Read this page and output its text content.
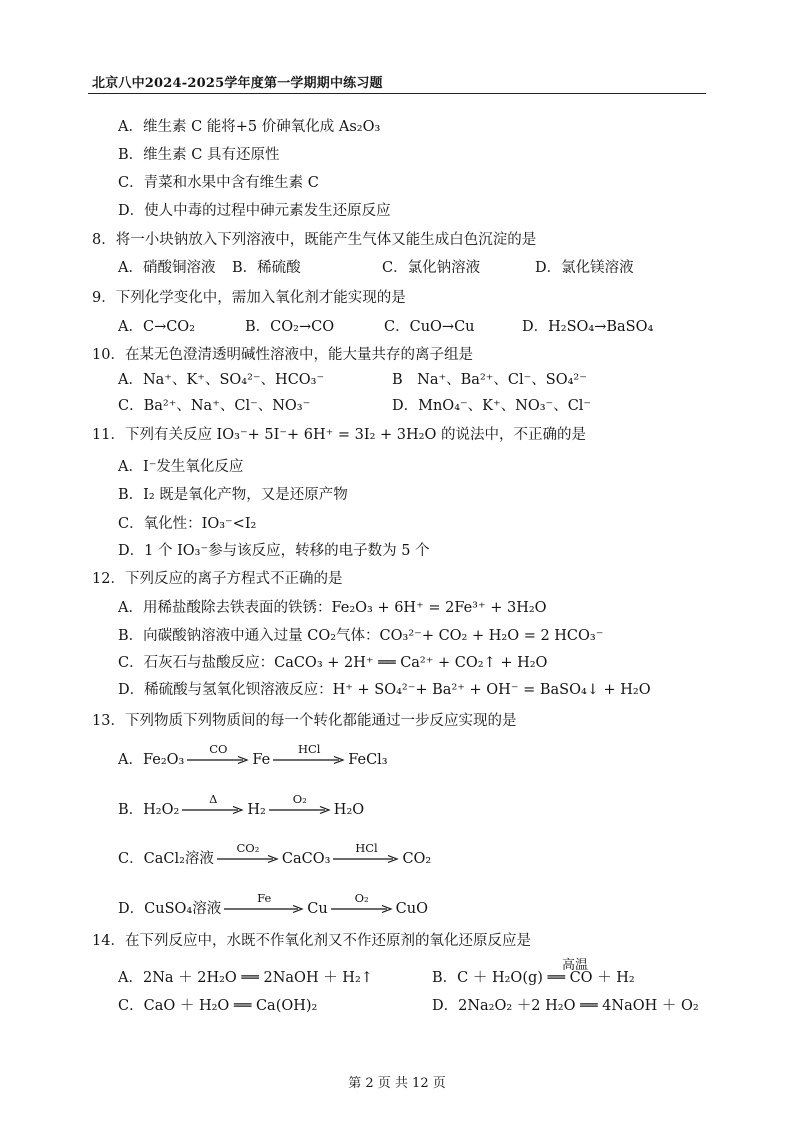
北京八中2024-2025学年度第一学期期中练习题
A．维生素 C 能将+5 价砷氧化成 As₂O₃
B．维生素 C 具有还原性
C．青菜和水果中含有维生素 C
D．使人中毒的过程中砷元素发生还原反应
8．将一小块钠放入下列溶液中，既能产生气体又能生成白色沉淀的是
A．硝酸铜溶液 B．稀硫酸	C．氯化钠溶液	D．氯化镁溶液
9．下列化学变化中，需加入氧化剂才能实现的是
A．C→CO₂	B．CO₂→CO	C．CuO→Cu	D．H₂SO₄→BaSO₄
10．在某无色澄清透明碱性溶液中，能大量共存的离子组是
A．Na⁺、K⁺、SO₄²⁻、HCO₃⁻	B　Na⁺、Ba²⁺、Cl⁻、SO₄²⁻
C．Ba²⁺、Na⁺、Cl⁻、NO₃⁻	D．MnO₄⁻、K⁺、NO₃⁻、Cl⁻
11．下列有关反应 IO₃⁻+ 5I⁻+ 6H⁺ = 3I₂ + 3H₂O 的说法中，不正确的是
A．I⁻发生氧化反应
B．I₂ 既是氧化产物，又是还原产物
C．氧化性：IO₃⁻<I₂
D．1 个 IO₃⁻参与该反应，转移的电子数为 5 个
12．下列反应的离子方程式不正确的是
A．用稀盐酸除去铁表面的铁锈：Fe₂O₃ + 6H⁺ = 2Fe³⁺ + 3H₂O
B．向碳酸钠溶液中通入过量 CO₂气体：CO₃²⁻+ CO₂ + H₂O = 2 HCO₃⁻
C．石灰石与盐酸反应：CaCO₃ + 2H⁺ ══ Ca²⁺ + CO₂↑ + H₂O
D．稀硫酸与氢氧化钡溶液反应：H⁺ + SO₄²⁻+ Ba²⁺ + OH⁻ = BaSO₄↓ + H₂O
13．下列物质下列物质间的每一个转化都能通过一步反应实现的是
A．Fe₂O₃
CO
Fe
HCl
FeCl₃
B．H₂O₂
Δ
H₂
O₂
H₂O
C．CaCl₂溶液
CO₂
CaCO₃
HCl
CO₂
D．CuSO₄溶液
Fe
Cu
O₂
CuO
14．在下列反应中，水既不作氧化剂又不作还原剂的氧化还原反应是
A．2Na ＋ 2H₂O ══ 2NaOH ＋ H₂↑
高温
B．C ＋ H₂O(g) ══ CO ＋ H₂
C．CaO ＋ H₂O ══ Ca(OH)₂	D．2Na₂O₂ ＋2 H₂O ══ 4NaOH ＋ O₂
第 2 页 共 12 页
